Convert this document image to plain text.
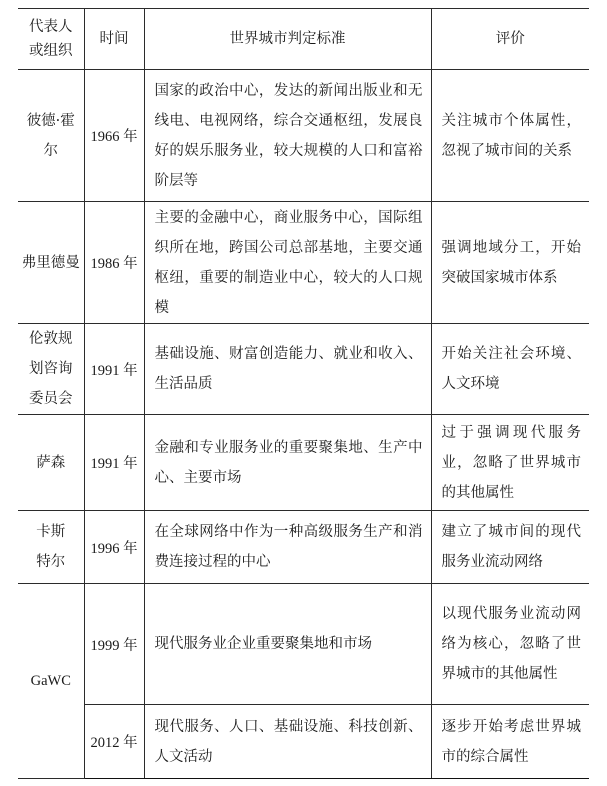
代表人或组织	时间	世界城市判定标准	评价
彼德·霍尔	1966 年	国家的政治中心，发达的新闻出版业和无线电、电视网络，综合交通枢纽，发展良好的娱乐服务业，较大规模的人口和富裕阶层等	关注城市个体属性，忽视了城市间的关系
弗里德曼	1986 年	主要的金融中心，商业服务中心，国际组织所在地，跨国公司总部基地，主要交通枢纽，重要的制造业中心，较大的人口规模	强调地域分工，开始突破国家城市体系
伦敦规划咨询委员会	1991 年	基础设施、财富创造能力、就业和收入、生活品质	开始关注社会环境、人文环境
萨森	1991 年	金融和专业服务业的重要聚集地、生产中心、主要市场	过于强调现代服务业，忽略了世界城市的其他属性
卡斯特尔	1996 年	在全球网络中作为一种高级服务生产和消费连接过程的中心	建立了城市间的现代服务业流动网络
GaWC	1999 年	现代服务业企业重要聚集地和市场	以现代服务业流动网络为核心，忽略了世界城市的其他属性
	2012 年	现代服务、人口、基础设施、科技创新、人文活动	逐步开始考虑世界城市的综合属性
